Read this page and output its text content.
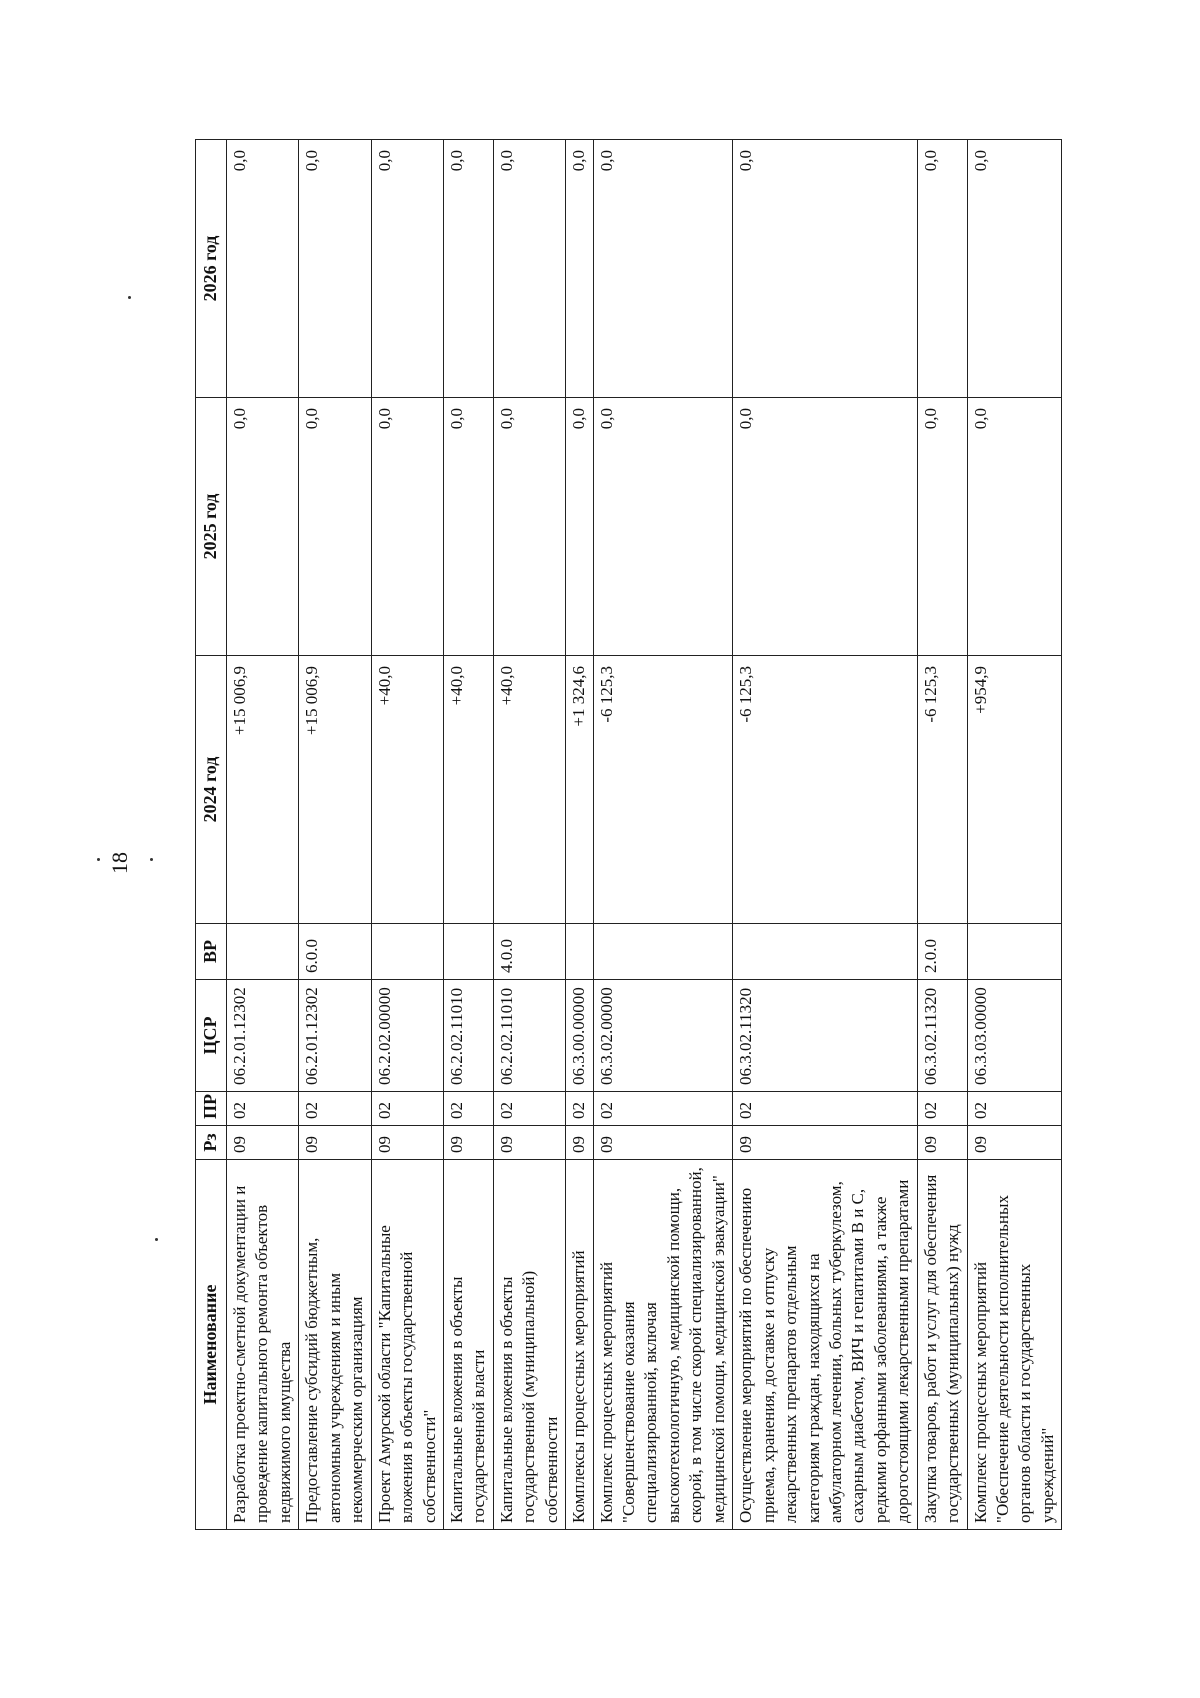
18
Наименование	Рз	ПР	ЦСР	ВР	2024 год	2025 год	2026 год
Разработка проектно-сметной документации и проведение капитального ремонта объектов недвижимого имущества	09	02	06.2.01.12302		+15 006,9	0,0	0,0
Предоставление субсидий бюджетным, автономным учреждениям и иным некоммерческим организациям	09	02	06.2.01.12302	6.0.0	+15 006,9	0,0	0,0
Проект Амурской области "Капитальные вложения в объекты государственной собственности"	09	02	06.2.02.00000		+40,0	0,0	0,0
Капитальные вложения в объекты государственной власти	09	02	06.2.02.11010		+40,0	0,0	0,0
Капитальные вложения в объекты государственной (муниципальной) собственности	09	02	06.2.02.11010	4.0.0	+40,0	0,0	0,0
Комплексы процессных мероприятий	09	02	06.3.00.00000		+1 324,6	0,0	0,0
Комплекс процессных мероприятий "Совершенствование оказания специализированной, включая высокотехнологичную, медицинской помощи, скорой, в том числе скорой специализированной, медицинской помощи, медицинской эвакуации"	09	02	06.3.02.00000		-6 125,3	0,0	0,0
Осуществление мероприятий по обеспечению приема, хранения, доставке и отпуску лекарственных препаратов отдельным категориям граждан, находящихся на амбулаторном лечении, больных туберкулезом, сахарным диабетом, ВИЧ и гепатитами В и С, редкими орфанными заболеваниями, а также дорогостоящими лекарственными препаратами	09	02	06.3.02.11320		-6 125,3	0,0	0,0
Закупка товаров, работ и услуг для обеспечения государственных (муниципальных) нужд	09	02	06.3.02.11320	2.0.0	-6 125,3	0,0	0,0
Комплекс процессных мероприятий "Обеспечение деятельности исполнительных органов области и государственных учреждений"	09	02	06.3.03.00000		+954,9	0,0	0,0
